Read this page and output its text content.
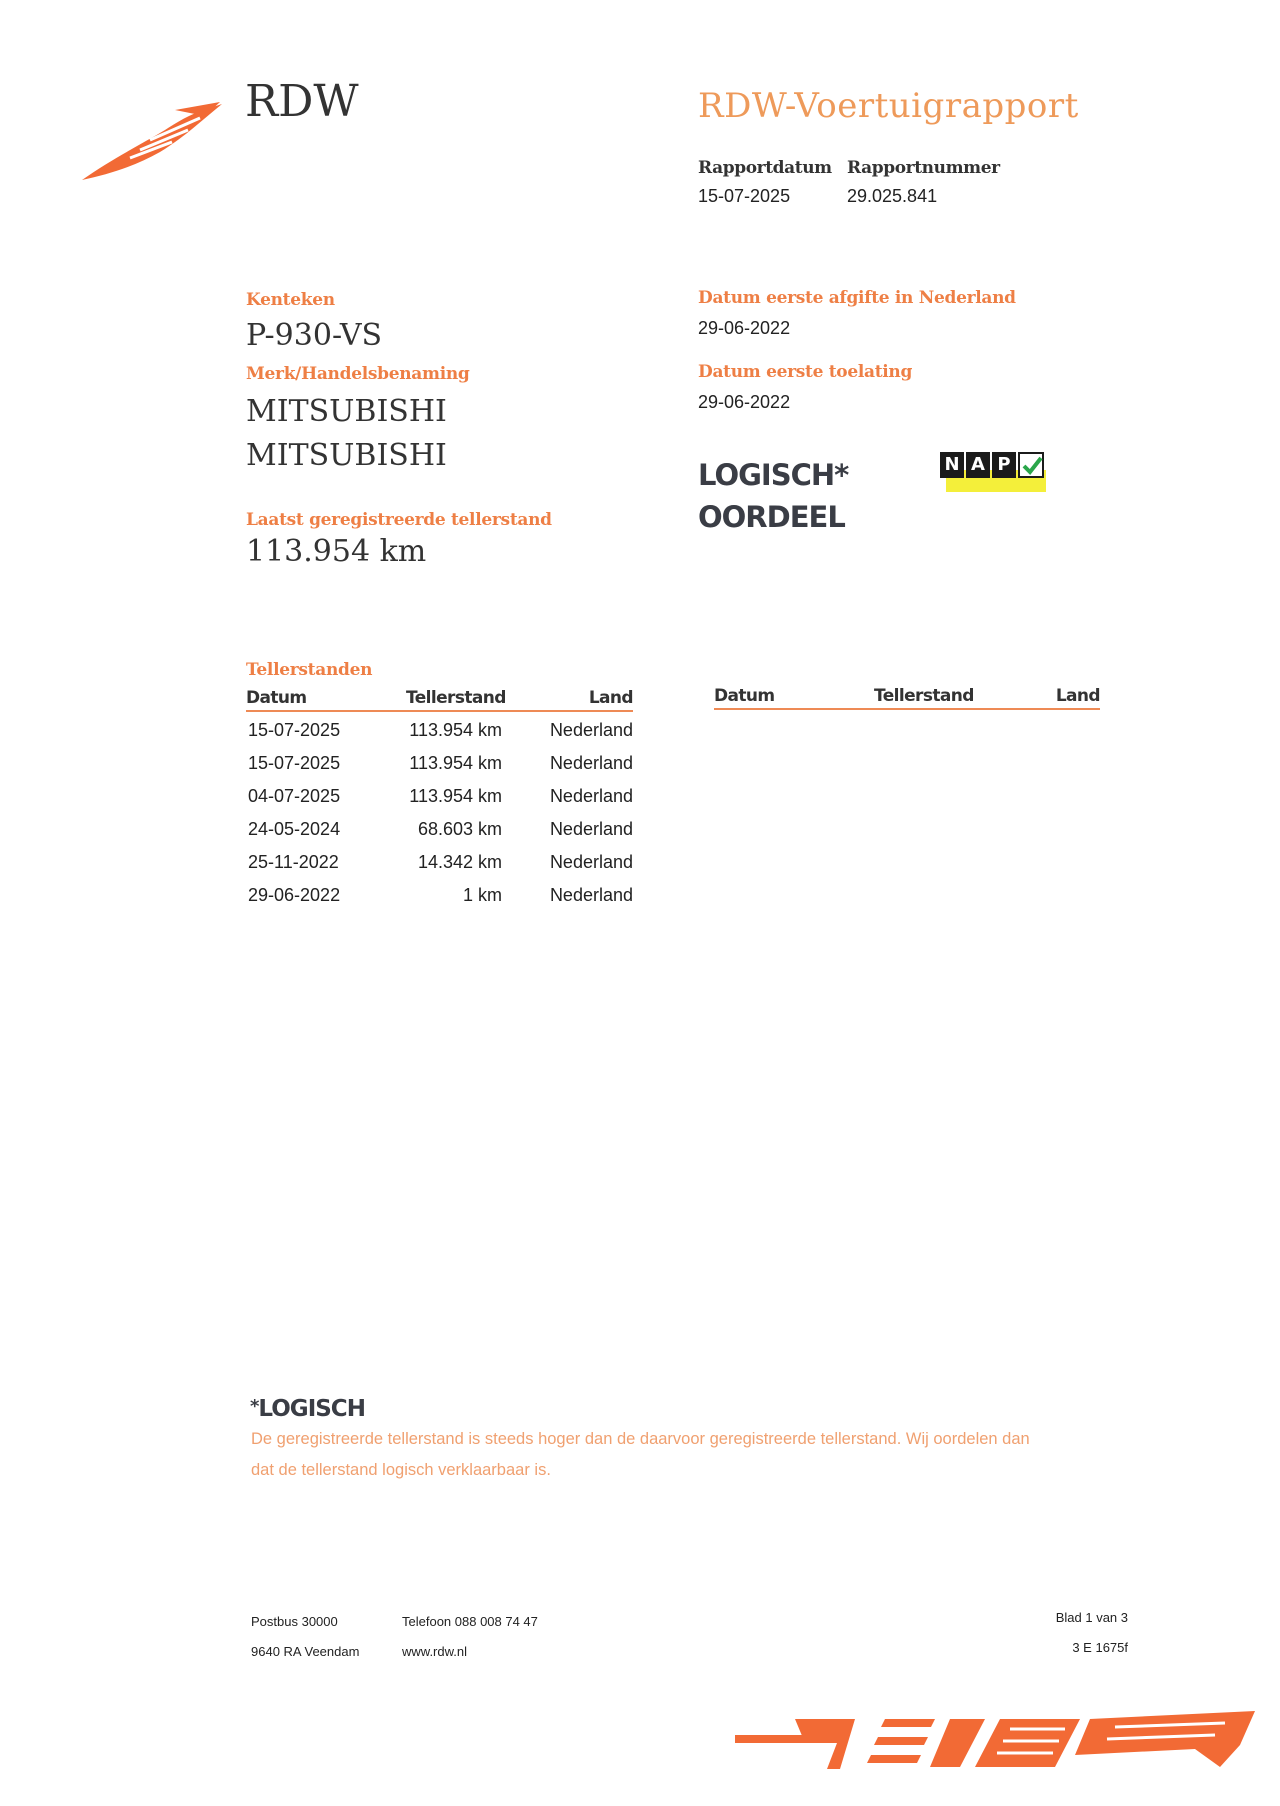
RDW	RDW-Voertuigrapport
Rapportdatum
15-07-2025
Rapportnummer
29.025.841
Kenteken
P-930-VS
Merk/Handelsbenaming
MITSUBISHI
MITSUBISHI
Laatst geregistreerde tellerstand
113.954 km
Datum eerste afgifte in Nederland
29-06-2022
Datum eerste toelating
29-06-2022
LOGISCH*
OORDEEL
N A P
Tellerstanden
Datum	Tellerstand	Land
15-07-2025	113.954 km	Nederland
15-07-2025	113.954 km	Nederland
04-07-2025	113.954 km	Nederland
24-05-2024	68.603 km	Nederland
25-11-2022	14.342 km	Nederland
29-06-2022	1 km	Nederland
Datum	Tellerstand	Land
*LOGISCH
De geregistreerde tellerstand is steeds hoger dan de daarvoor geregistreerde tellerstand. Wij oordelen dan
dat de tellerstand logisch verklaarbaar is.
Postbus 30000
9640 RA Veendam
Telefoon 088 008 74 47
www.rdw.nl
Blad 1 van 3
3 E 1675f
